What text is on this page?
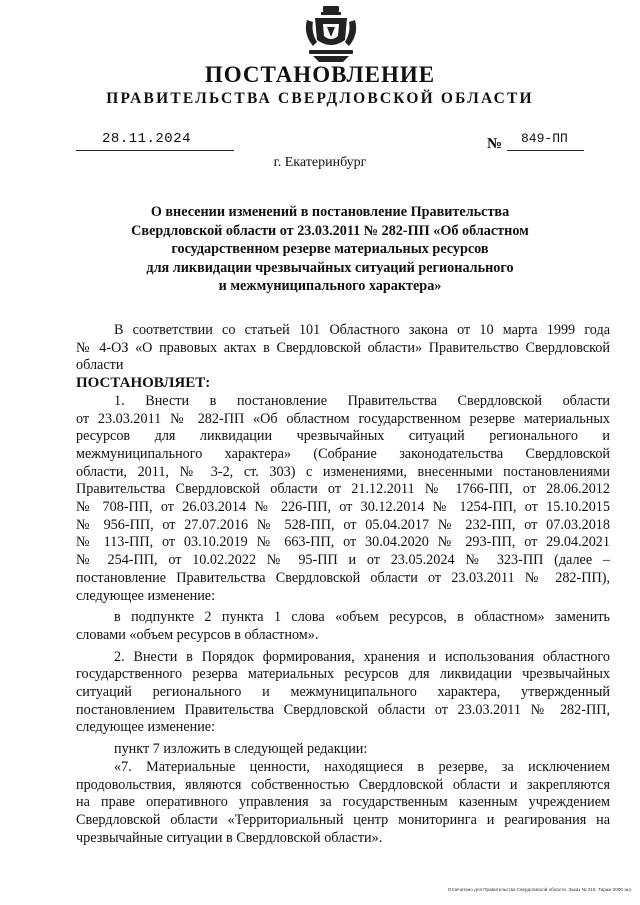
ПОСТАНОВЛЕНИЕ
ПРАВИТЕЛЬСТВА СВЕРДЛОВСКОЙ ОБЛАСТИ
28.11.2024	№ 849-ПП
г. Екатеринбург
О внесении изменений в постановление Правительства
Свердловской области от 23.03.2011 № 282-ПП «Об областном
государственном резерве материальных ресурсов
для ликвидации чрезвычайных ситуаций регионального
и межмуниципального характера»
В соответствии со статьей 101 Областного закона от 10 марта 1999 года
№ 4-ОЗ «О правовых актах в Свердловской области» Правительство Свердловской
области
ПОСТАНОВЛЯЕТ:
1. Внести в постановление Правительства Свердловской области
от 23.03.2011 № 282-ПП «Об областном государственном резерве материальных
ресурсов для ликвидации чрезвычайных ситуаций регионального и
межмуниципального характера» (Собрание законодательства Свердловской
области, 2011, № 3-2, ст. 303) с изменениями, внесенными постановлениями
Правительства Свердловской области от 21.12.2011 № 1766-ПП, от 28.06.2012
№ 708-ПП, от 26.03.2014 № 226-ПП, от 30.12.2014 № 1254-ПП, от 15.10.2015
№ 956-ПП, от 27.07.2016 № 528-ПП, от 05.04.2017 № 232-ПП, от 07.03.2018
№ 113-ПП, от 03.10.2019 № 663-ПП, от 30.04.2020 № 293-ПП, от 29.04.2021
№ 254-ПП, от 10.02.2022 № 95-ПП и от 23.05.2024 № 323-ПП (далее –
постановление Правительства Свердловской области от 23.03.2011 № 282-ПП),
следующее изменение:
в подпункте 2 пункта 1 слова «объем ресурсов, в областном» заменить
словами «объем ресурсов в областном».
2. Внести в Порядок формирования, хранения и использования областного
государственного резерва материальных ресурсов для ликвидации чрезвычайных
ситуаций регионального и межмуниципального характера, утвержденный
постановлением Правительства Свердловской области от 23.03.2011 № 282-ПП,
следующее изменение:
пункт 7 изложить в следующей редакции:
«7. Материальные ценности, находящиеся в резерве, за исключением
продовольствия, являются собственностью Свердловской области и закрепляются
на праве оперативного управления за государственным казенным учреждением
Свердловской области «Территориальный центр мониторинга и реагирования на
чрезвычайные ситуации в Свердловской области».
Отпечатано для Правительства Свердловской области. Заказ № 216. Тираж 2000 экз.
